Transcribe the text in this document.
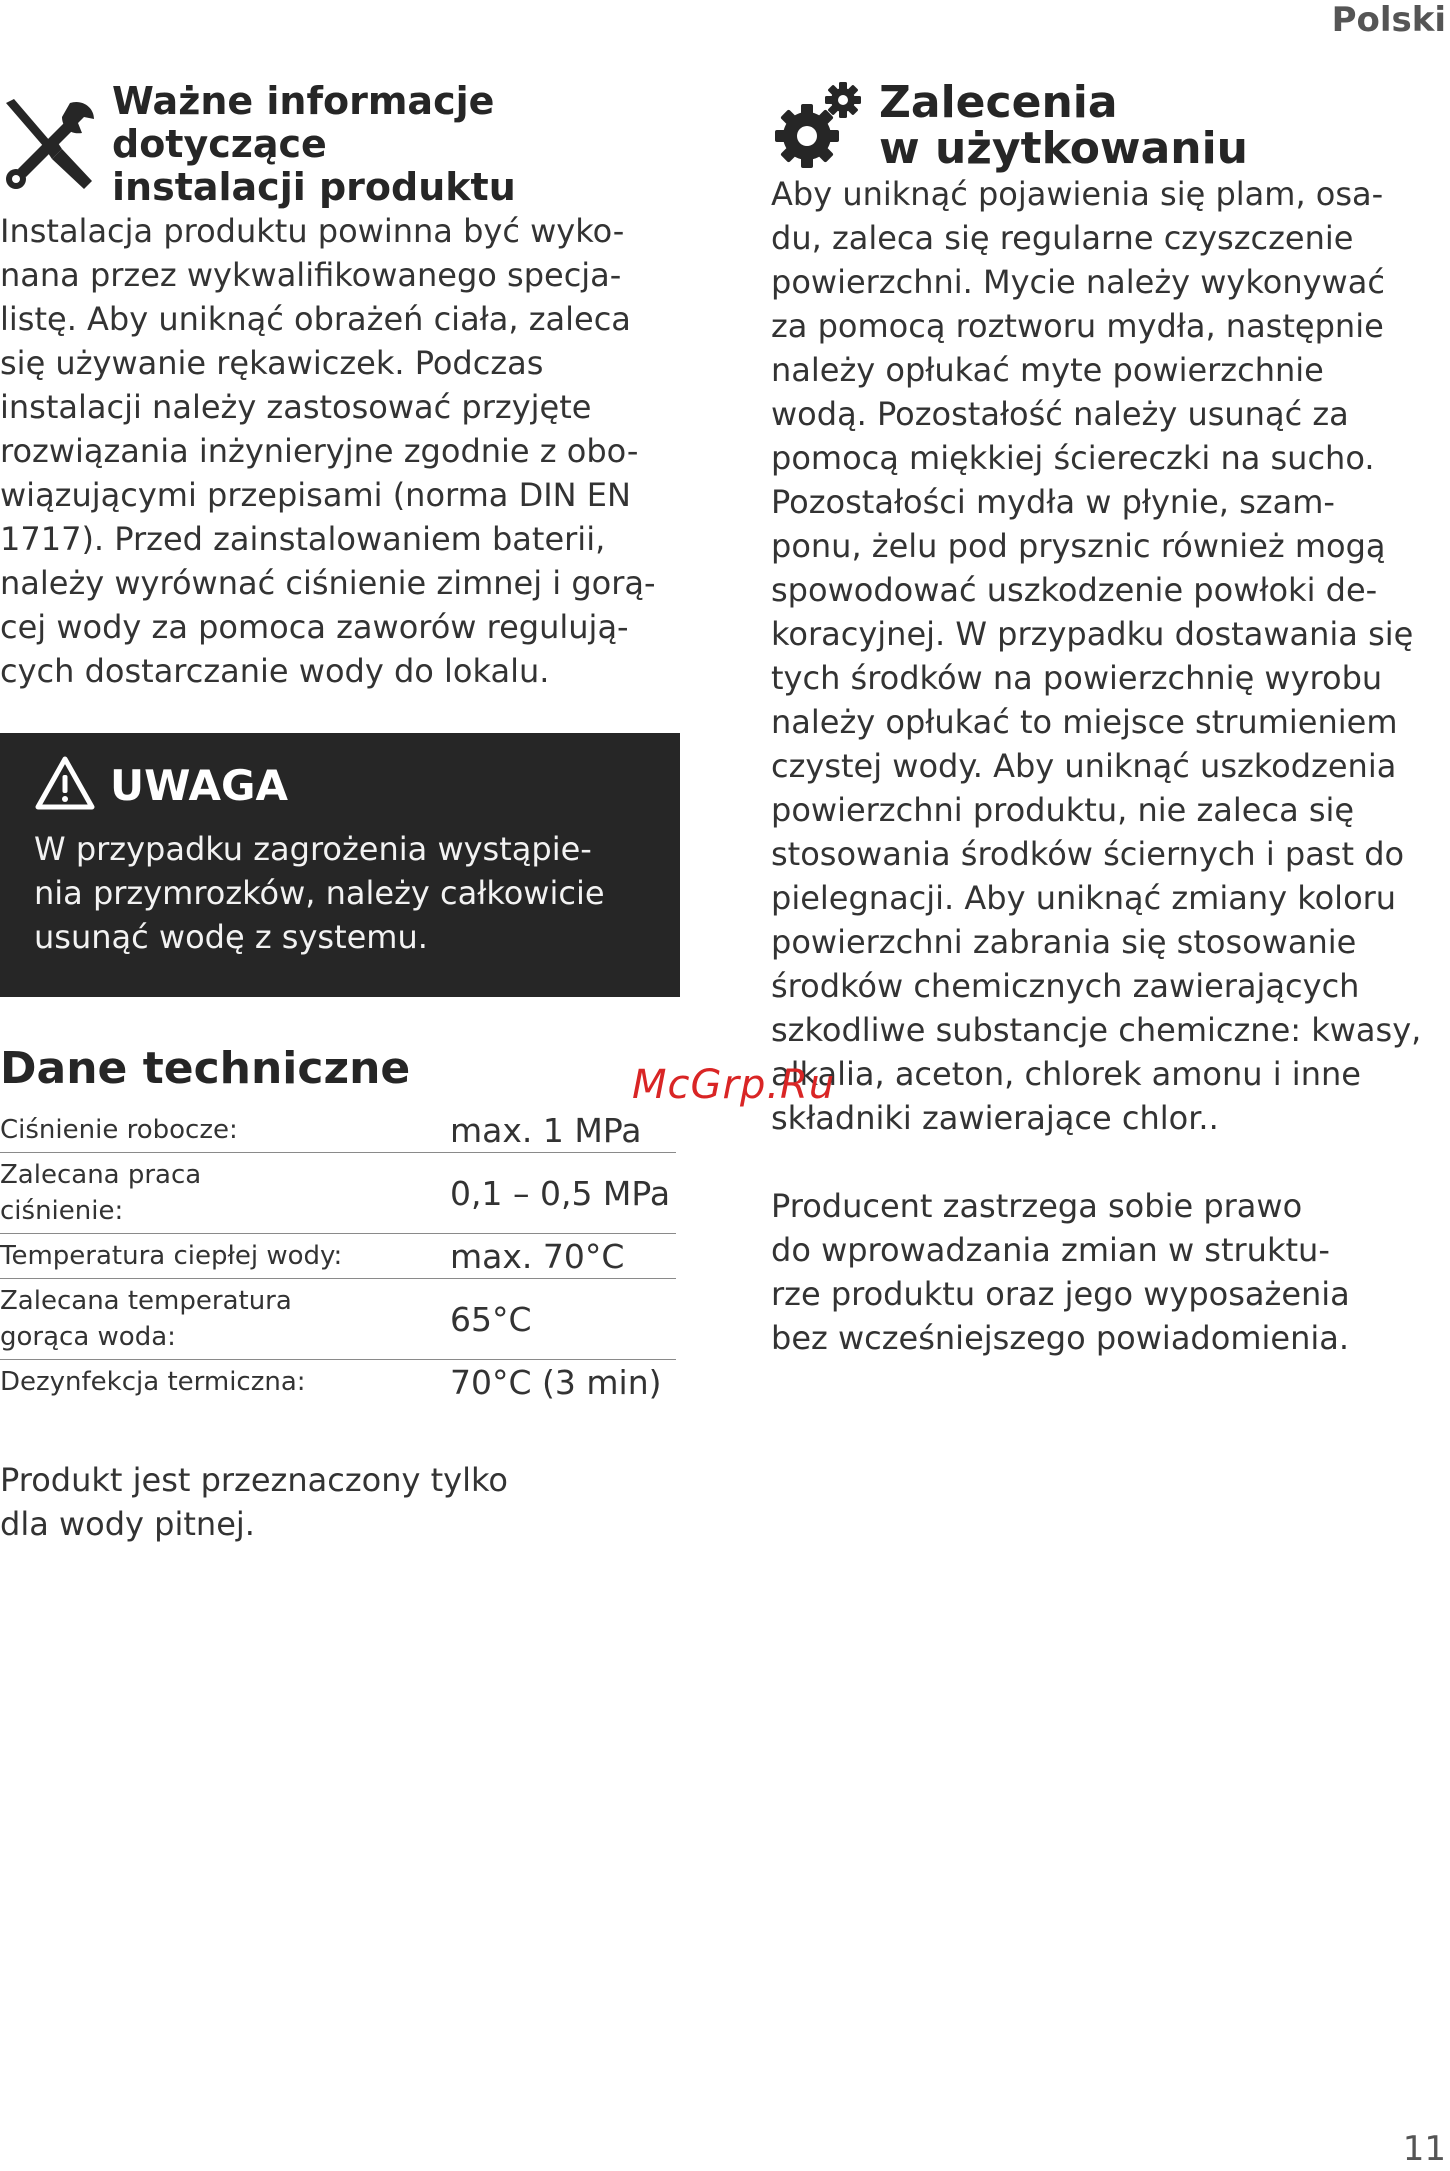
Polski
Ważne informacje dotyczące
instalacji produktu

Instalacja produktu powinna być wyko-
nana przez wykwalifikowanego specja-
listę. Aby uniknąć obrażeń ciała, zaleca
się używanie rękawiczek. Podczas
instalacji należy zastosować przyjęte
rozwiązania inżynieryjne zgodnie z obo-
wiązującymi przepisami (norma DIN EN
1717). Przed zainstalowaniem baterii,
należy wyrównać ciśnienie zimnej i gorą-
cej wody za pomoca zaworów regulują-
cych dostarczanie wody do lokalu.

UWAGA
W przypadku zagrożenia wystąpie-
nia przymrozków, należy całkowicie
usunąć wodę z systemu.
Dane techniczne
Ciśnienie robocze:	max. 1 MPa

Zalecana praca
ciśnienie:	0,1 – 0,5 MPa

Temperatura ciepłej wody:	max. 70°C

Zalecana temperatura
gorąca woda:	65°C

Dezynfekcja termiczna:	70°C (3 min)

Produkt jest przeznaczony tylko
dla wody pitnej.

Zalecenia
w użytkowaniu

Aby uniknąć pojawienia się plam, osa-
du, zaleca się regularne czyszczenie
powierzchni. Mycie należy wykonywać
za pomocą roztworu mydła, następnie
należy opłukać myte powierzchnie
wodą. Pozostałość należy usunąć za
pomocą miękkiej ściereczki na sucho.
Pozostałości mydła w płynie, szam-
ponu, żelu pod prysznic również mogą
spowodować uszkodzenie powłoki de-
koracyjnej. W przypadku dostawania się
tych środków na powierzchnię wyrobu
należy opłukać to miejsce strumieniem
czystej wody. Aby uniknąć uszkodzenia
powierzchni produktu, nie zaleca się
stosowania środków ściernych i past do
pielegnacji. Aby uniknąć zmiany koloru
powierzchni zabrania się stosowanie
środków chemicznych zawierających
szkodliwe substancje chemiczne: kwasy,
alkalia, aceton, chlorek amonu i inne
składniki zawierające chlor..

Producent zastrzega sobie prawo
do wprowadzania zmian w struktu-
rze produktu oraz jego wyposażenia
bez wcześniejszego powiadomienia.

McGrp.Ru
11
